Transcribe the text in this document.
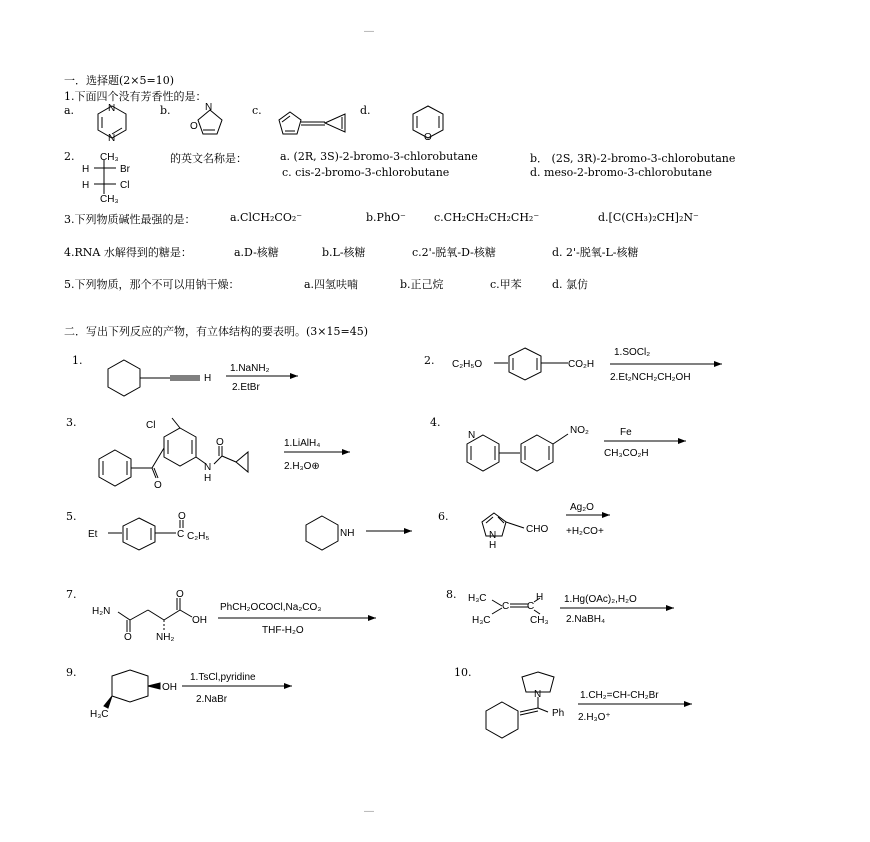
—
—
一．选择题(2×5=10)
1.下面四个没有芳香性的是：
a.	b.	c.	d.
2.	的英文名称是：	a. (2R, 3S)-2-bromo-3-chlorobutane	b． (2S, 3R)-2-bromo-3-chlorobutane
c. cis-2-bromo-3-chlorobutane	d. meso-2-bromo-3-chlorobutane
3.下列物质碱性最强的是：	a.ClCH₂CO₂⁻	b.PhO⁻	c.CH₂CH₂CH₂CH₂⁻	d.[C(CH₃)₂CH]₂N⁻
4.RNA 水解得到的糖是：	a.D-核糖	b.L-核糖	c.2'-脱氧-D-核糖	d. 2'-脱氧-L-核糖
5.下列物质，那个不可以用钠干燥：	a.四氢呋喃	b.正己烷	c.甲苯	d. 氯仿
二．写出下列反应的产物，有立体结构的要表明。(3×15=45)
1.	2.
3.	4.
5.	6.
7.	8.
9.	10.
N
N
N
O
O
CH₃
H	Br
H	Cl
CH₃
H
1.NaNH₂
2.EtBr
C₂H₅O	CO₂H
1.SOCl₂
2.Et₂NCH₂CH₂OH
Cl
O
O
N
H
1.LiAlH₄
2.H₃O⊕
N	NO₂	Fe
CH₃CO₂H
Et
O
C C₂H₅	NH	N
H
CHO
Ag₂O
+H₂CO+
H₂N
O
O
OH
NH₂
PhCH₂OCOCl,Na₂CO₃
THF-H₂O
H₃C
H₃C
C C
H
CH₃
1.Hg(OAc)₂,H₂O
2.NaBH₄
OH
H₃C
1.TsCl,pyridine
2.NaBr	N
Ph
1.CH₂=CH-CH₂Br
2.H₃O⁺
